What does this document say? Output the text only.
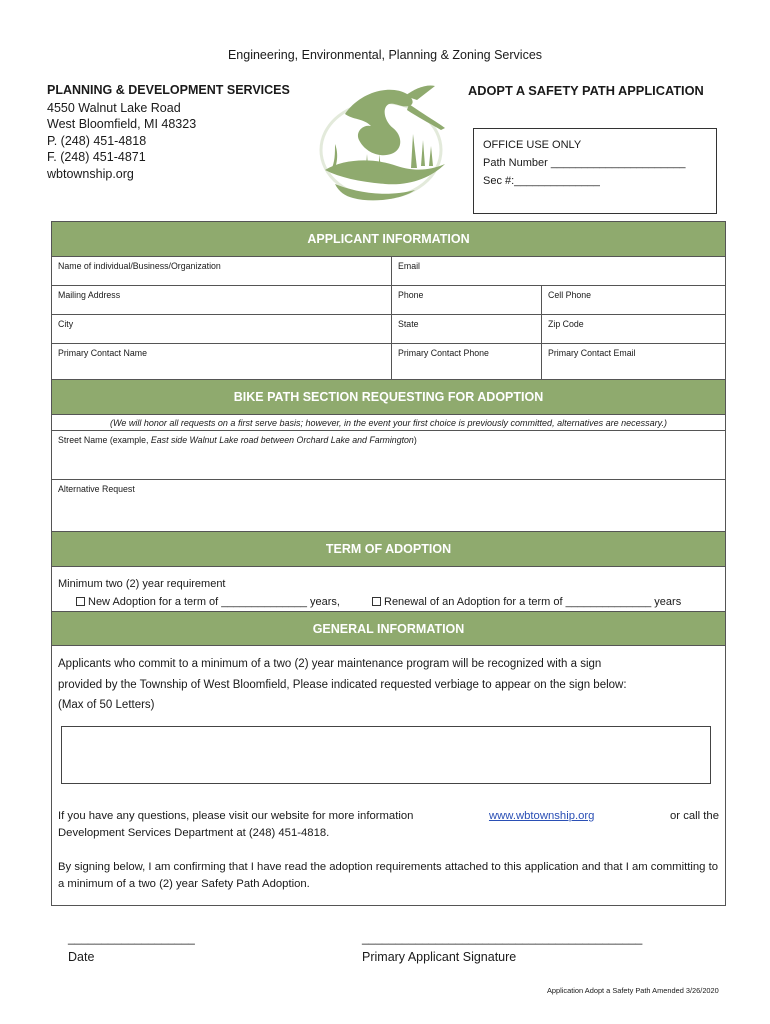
Engineering, Environmental, Planning & Zoning Services
PLANNING & DEVELOPMENT SERVICES
4550 Walnut Lake Road
West Bloomfield, MI 48323
P. (248) 451-4818
F. (248) 451-4871
wbtownship.org
ADOPT A SAFETY PATH APPLICATION
OFFICE USE ONLY
Path Number ______________________
Sec #:______________
APPLICANT INFORMATION
Name of individual/Business/Organization	Email
Mailing Address	Phone	Cell Phone
City	State	Zip Code
Primary Contact Name	Primary Contact Phone	Primary Contact Email
BIKE PATH SECTION REQUESTING FOR ADOPTION
(We will honor all requests on a first serve basis; however, in the event your first choice is previously committed, alternatives are necessary.)
Street Name (example, East side Walnut Lake road between Orchard Lake and Farmington)
Alternative Request
TERM OF ADOPTION
Minimum two (2) year requirement
New Adoption for a term of ______________ years,	Renewal of an Adoption for a term of ______________ years
GENERAL INFORMATION
Applicants who commit to a minimum of a two (2) year maintenance program will be recognized with a sign
provided by the Township of West Bloomfield, Please indicated requested verbiage to appear on the sign below:
(Max of 50 Letters)
If you have any questions, please visit our website for more information	www.wbtownship.org	or call the
Development Services Department at (248) 451-4818.
By signing below, I am confirming that I have read the adoption requirements attached to this application and that I am committing to a minimum of a two (2) year Safety Path Adoption.
___________________
Date
__________________________________________
Primary Applicant Signature
Application Adopt a Safety Path Amended 3/26/2020
